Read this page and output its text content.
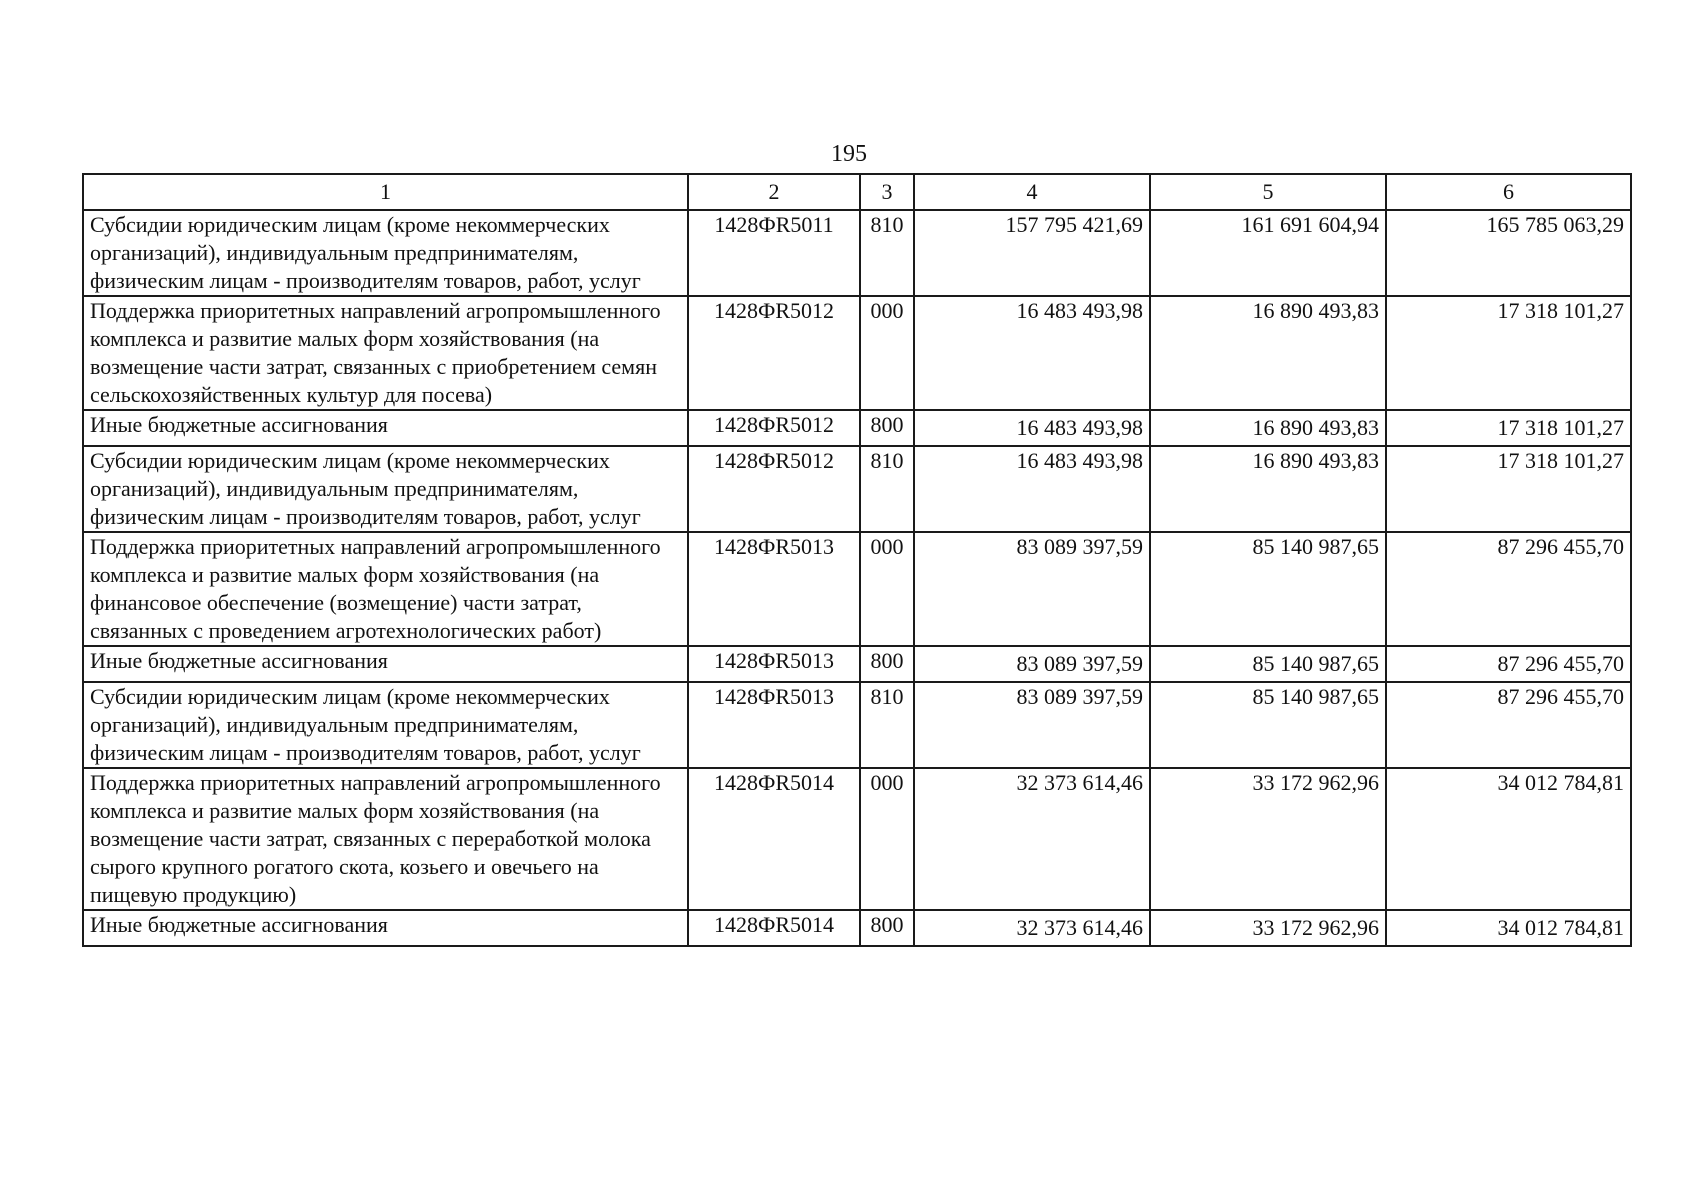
195
1	2	3	4	5	6
Субсидии юридическим лицам (кроме некоммерческих организаций), индивидуальным предпринимателям, физическим лицам - производителям товаров, работ, услуг	1428ФR5011	810	157 795 421,69	161 691 604,94	165 785 063,29
Поддержка приоритетных направлений агропромышленного комплекса и развитие малых форм хозяйствования (на возмещение части затрат, связанных с приобретением семян сельскохозяйственных культур для посева)	1428ФR5012	000	16 483 493,98	16 890 493,83	17 318 101,27
Иные бюджетные ассигнования	1428ФR5012	800	16 483 493,98	16 890 493,83	17 318 101,27
Субсидии юридическим лицам (кроме некоммерческих организаций), индивидуальным предпринимателям, физическим лицам - производителям товаров, работ, услуг	1428ФR5012	810	16 483 493,98	16 890 493,83	17 318 101,27
Поддержка приоритетных направлений агропромышленного комплекса и развитие малых форм хозяйствования (на финансовое обеспечение (возмещение) части затрат, связанных с проведением агротехнологических работ)	1428ФR5013	000	83 089 397,59	85 140 987,65	87 296 455,70
Иные бюджетные ассигнования	1428ФR5013	800	83 089 397,59	85 140 987,65	87 296 455,70
Субсидии юридическим лицам (кроме некоммерческих организаций), индивидуальным предпринимателям, физическим лицам - производителям товаров, работ, услуг	1428ФR5013	810	83 089 397,59	85 140 987,65	87 296 455,70
Поддержка приоритетных направлений агропромышленного комплекса и развитие малых форм хозяйствования (на возмещение части затрат, связанных с переработкой молока сырого крупного рогатого скота, козьего и овечьего на пищевую продукцию)	1428ФR5014	000	32 373 614,46	33 172 962,96	34 012 784,81
Иные бюджетные ассигнования	1428ФR5014	800	32 373 614,46	33 172 962,96	34 012 784,81
